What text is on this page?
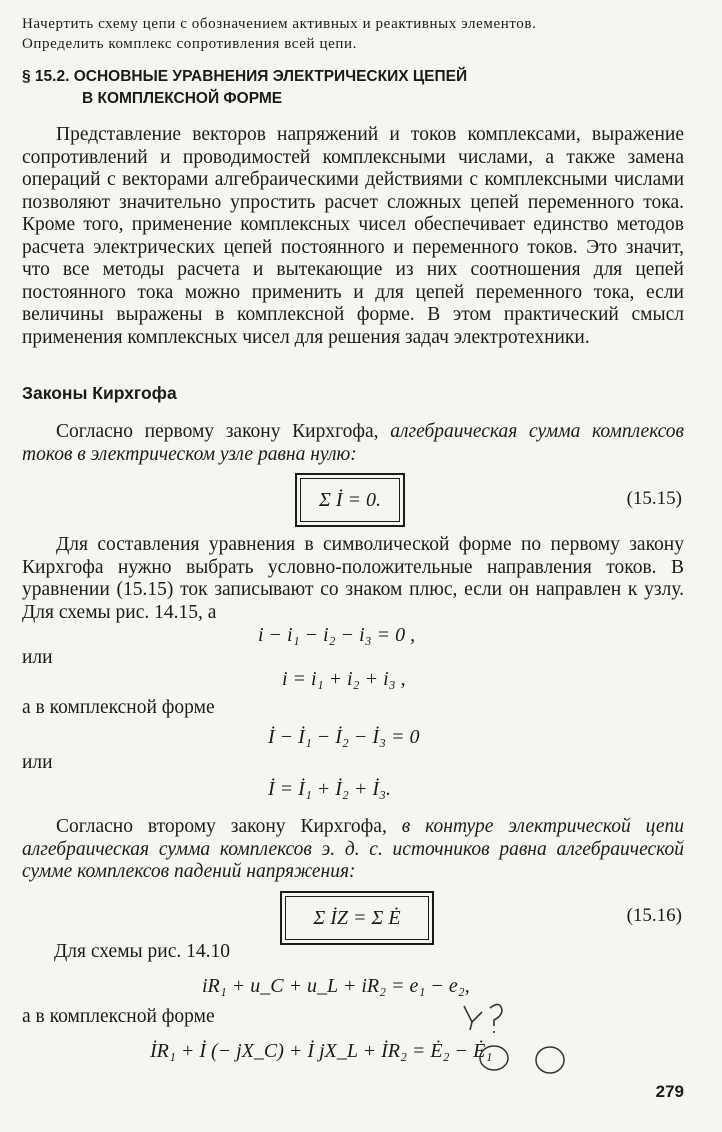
Начертить схему цепи с обозначением активных и реактивных элементов.
Определить комплекс сопротивления всей цепи.
§ 15.2. ОСНОВНЫЕ УРАВНЕНИЯ ЭЛЕКТРИЧЕСКИХ ЦЕПЕЙ
В КОМПЛЕКСНОЙ ФОРМЕ

Представление векторов напряжений и токов комплексами, выражение сопротивлений и проводимостей комплексными числами, а также замена операций с векторами алгебраическими действиями с комплексными числами позволяют значительно упростить расчет сложных цепей переменного тока. Кроме того, применение комплексных чисел обеспечивает единство методов расчета электрических цепей постоянного и переменного токов. Это значит, что все методы расчета и вытекающие из них соотношения для цепей постоянного тока можно применить и для цепей переменного тока, если величины выражены в комплексной форме. В этом практический смысл применения комплексных чисел для решения задач электротехники.

Законы Кирхгофа

Согласно первому закону Кирхгофа, алгебраическая сумма комплексов токов в электрическом узле равна нулю:

Σ İ = 0.	(15.15)

Для составления уравнения в символической форме по первому закону Кирхгофа нужно выбрать условно-положительные направления токов. В уравнении (15.15) ток записывают со знаком плюс, если он направлен к узлу. Для схемы рис. 14.15, а

i − i₁ − i₂ − i₃ = 0 ,
или
i = i₁ + i₂ + i₃ ,
а в комплексной форме
İ − İ₁ − İ₂ − İ₃ = 0
или
İ = İ₁ + İ₂ + İ₃.

Согласно второму закону Кирхгофа, в контуре электрической цепи алгебраическая сумма комплексов э. д. с. источников равна алгебраической сумме комплексов падений напряжения:

Σ İZ = Σ Ė	(15.16)
Для схемы рис. 14.10
iR₁ + u_C + u_L + iR₂ = e₁ − e₂,
а в комплексной форме
İR₁ + İ (− jX_C) + İ jX_L + İR₂ = Ė₂ − Ė₁
279
